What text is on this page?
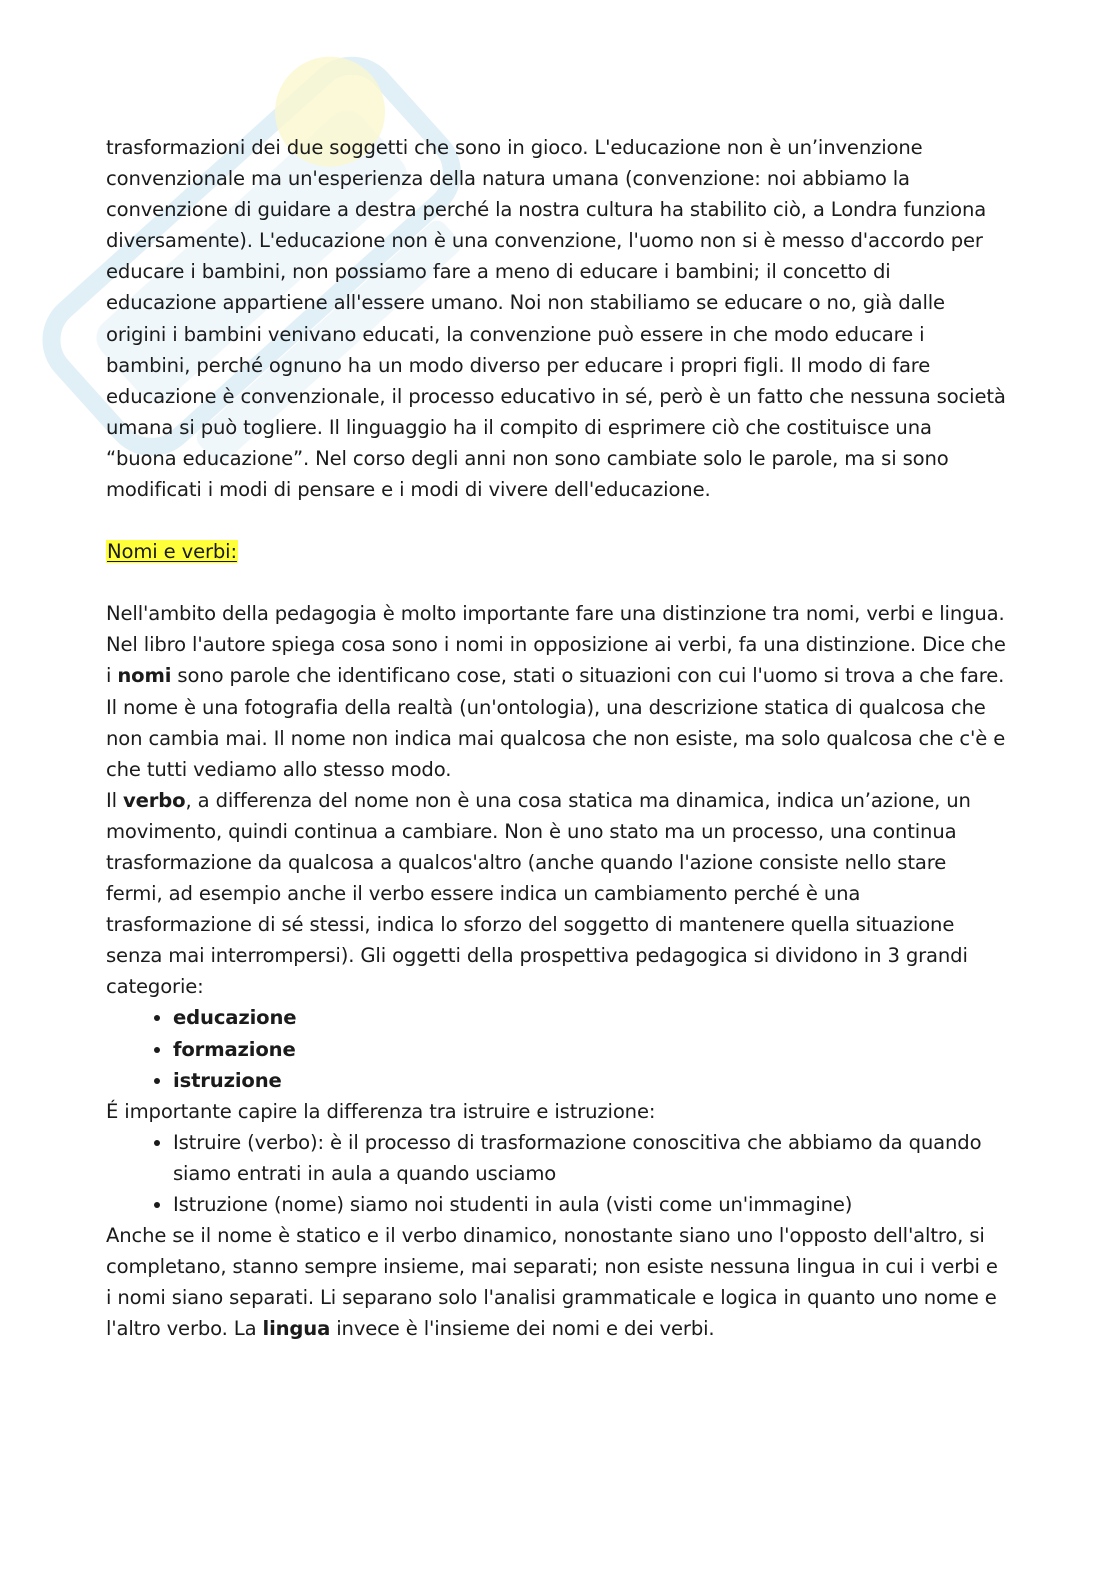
trasformazioni dei due soggetti che sono in gioco. L'educazione non è un’invenzione convenzionale ma un'esperienza della natura umana (convenzione: noi abbiamo la convenzione di guidare a destra perché la nostra cultura ha stabilito ciò, a Londra funziona diversamente). L'educazione non è una convenzione, l'uomo non si è messo d'accordo per educare i bambini, non possiamo fare a meno di educare i bambini; il concetto di educazione appartiene all'essere umano. Noi non stabiliamo se educare o no, già dalle origini i bambini venivano educati, la convenzione può essere in che modo educare i bambini, perché ognuno ha un modo diverso per educare i propri figli. Il modo di fare educazione è convenzionale, il processo educativo in sé, però è un fatto che nessuna società umana si può togliere. Il linguaggio ha il compito di esprimere ciò che costituisce una “buona educazione”. Nel corso degli anni non sono cambiate solo le parole, ma si sono modificati i modi di pensare e i modi di vivere dell'educazione.

Nomi e verbi:

Nell'ambito della pedagogia è molto importante fare una distinzione tra nomi, verbi e lingua. Nel libro l'autore spiega cosa sono i nomi in opposizione ai verbi, fa una distinzione. Dice che i nomi sono parole che identificano cose, stati o situazioni con cui l'uomo si trova a che fare. Il nome è una fotografia della realtà (un'ontologia), una descrizione statica di qualcosa che non cambia mai. Il nome non indica mai qualcosa che non esiste, ma solo qualcosa che c'è e che tutti vediamo allo stesso modo.

Il verbo, a differenza del nome non è una cosa statica ma dinamica, indica un’azione, un movimento, quindi continua a cambiare. Non è uno stato ma un processo, una continua trasformazione da qualcosa a qualcos'altro (anche quando l'azione consiste nello stare fermi, ad esempio anche il verbo essere indica un cambiamento perché è una trasformazione di sé stessi, indica lo sforzo del soggetto di mantenere quella situazione senza mai interrompersi). Gli oggetti della prospettiva pedagogica si dividono in 3 grandi categorie:

• educazione
• formazione
• istruzione

É importante capire la differenza tra istruire e istruzione:

• Istruire (verbo): è il processo di trasformazione conoscitiva che abbiamo da quando siamo entrati in aula a quando usciamo
• Istruzione (nome) siamo noi studenti in aula (visti come un'immagine)

Anche se il nome è statico e il verbo dinamico, nonostante siano uno l'opposto dell'altro, si completano, stanno sempre insieme, mai separati; non esiste nessuna lingua in cui i verbi e i nomi siano separati. Li separano solo l'analisi grammaticale e logica in quanto uno nome e l'altro verbo. La lingua invece è l'insieme dei nomi e dei verbi.
